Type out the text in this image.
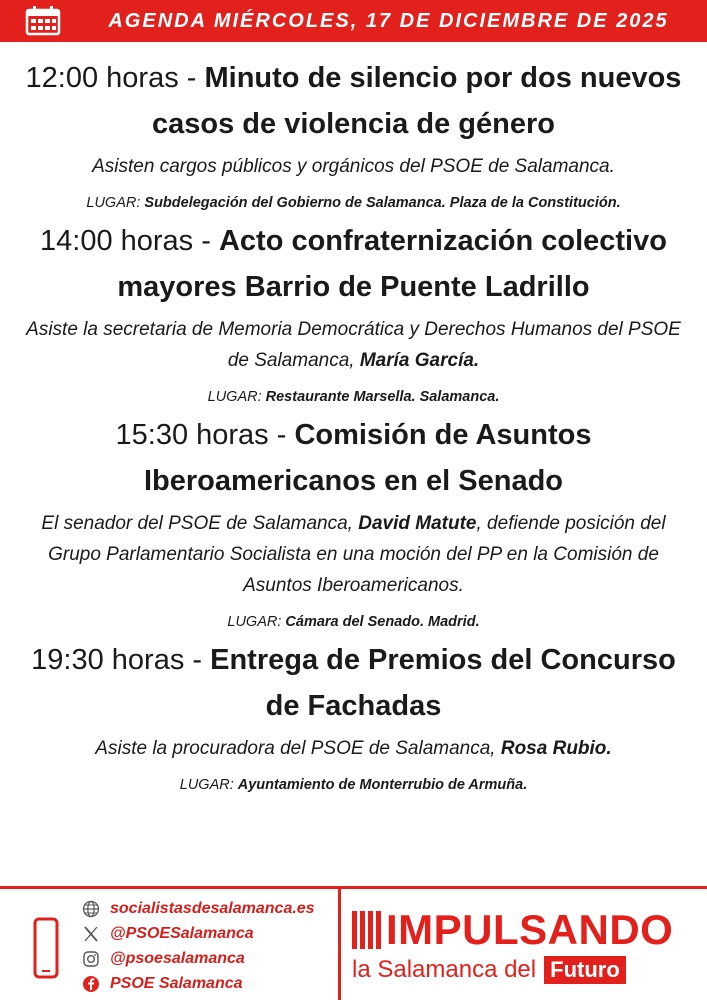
AGENDA MIÉRCOLES, 17 DE DICIEMBRE DE 2025

12:00 horas - Minuto de silencio por dos nuevos casos de violencia de género

Asisten cargos públicos y orgánicos del PSOE de Salamanca.

LUGAR: Subdelegación del Gobierno de Salamanca. Plaza de la Constitución.

14:00 horas - Acto confraternización colectivo mayores Barrio de Puente Ladrillo

Asiste la secretaria de Memoria Democrática y Derechos Humanos del PSOE de Salamanca, María García.

LUGAR: Restaurante Marsella. Salamanca.

15:30 horas - Comisión de Asuntos Iberoamericanos en el Senado

El senador del PSOE de Salamanca, David Matute, defiende posición del Grupo Parlamentario Socialista en una moción del PP en la Comisión de Asuntos Iberoamericanos.

LUGAR: Cámara del Senado. Madrid.

19:30 horas - Entrega de Premios del Concurso de Fachadas

Asiste la procuradora del PSOE de Salamanca, Rosa Rubio.

LUGAR: Ayuntamiento de Monterrubio de Armuña.

socialistasdesalamanca.es
@PSOESalamanca
@psoesalamanca
PSOE Salamanca
IMPULSANDO
la Salamanca del Futuro
